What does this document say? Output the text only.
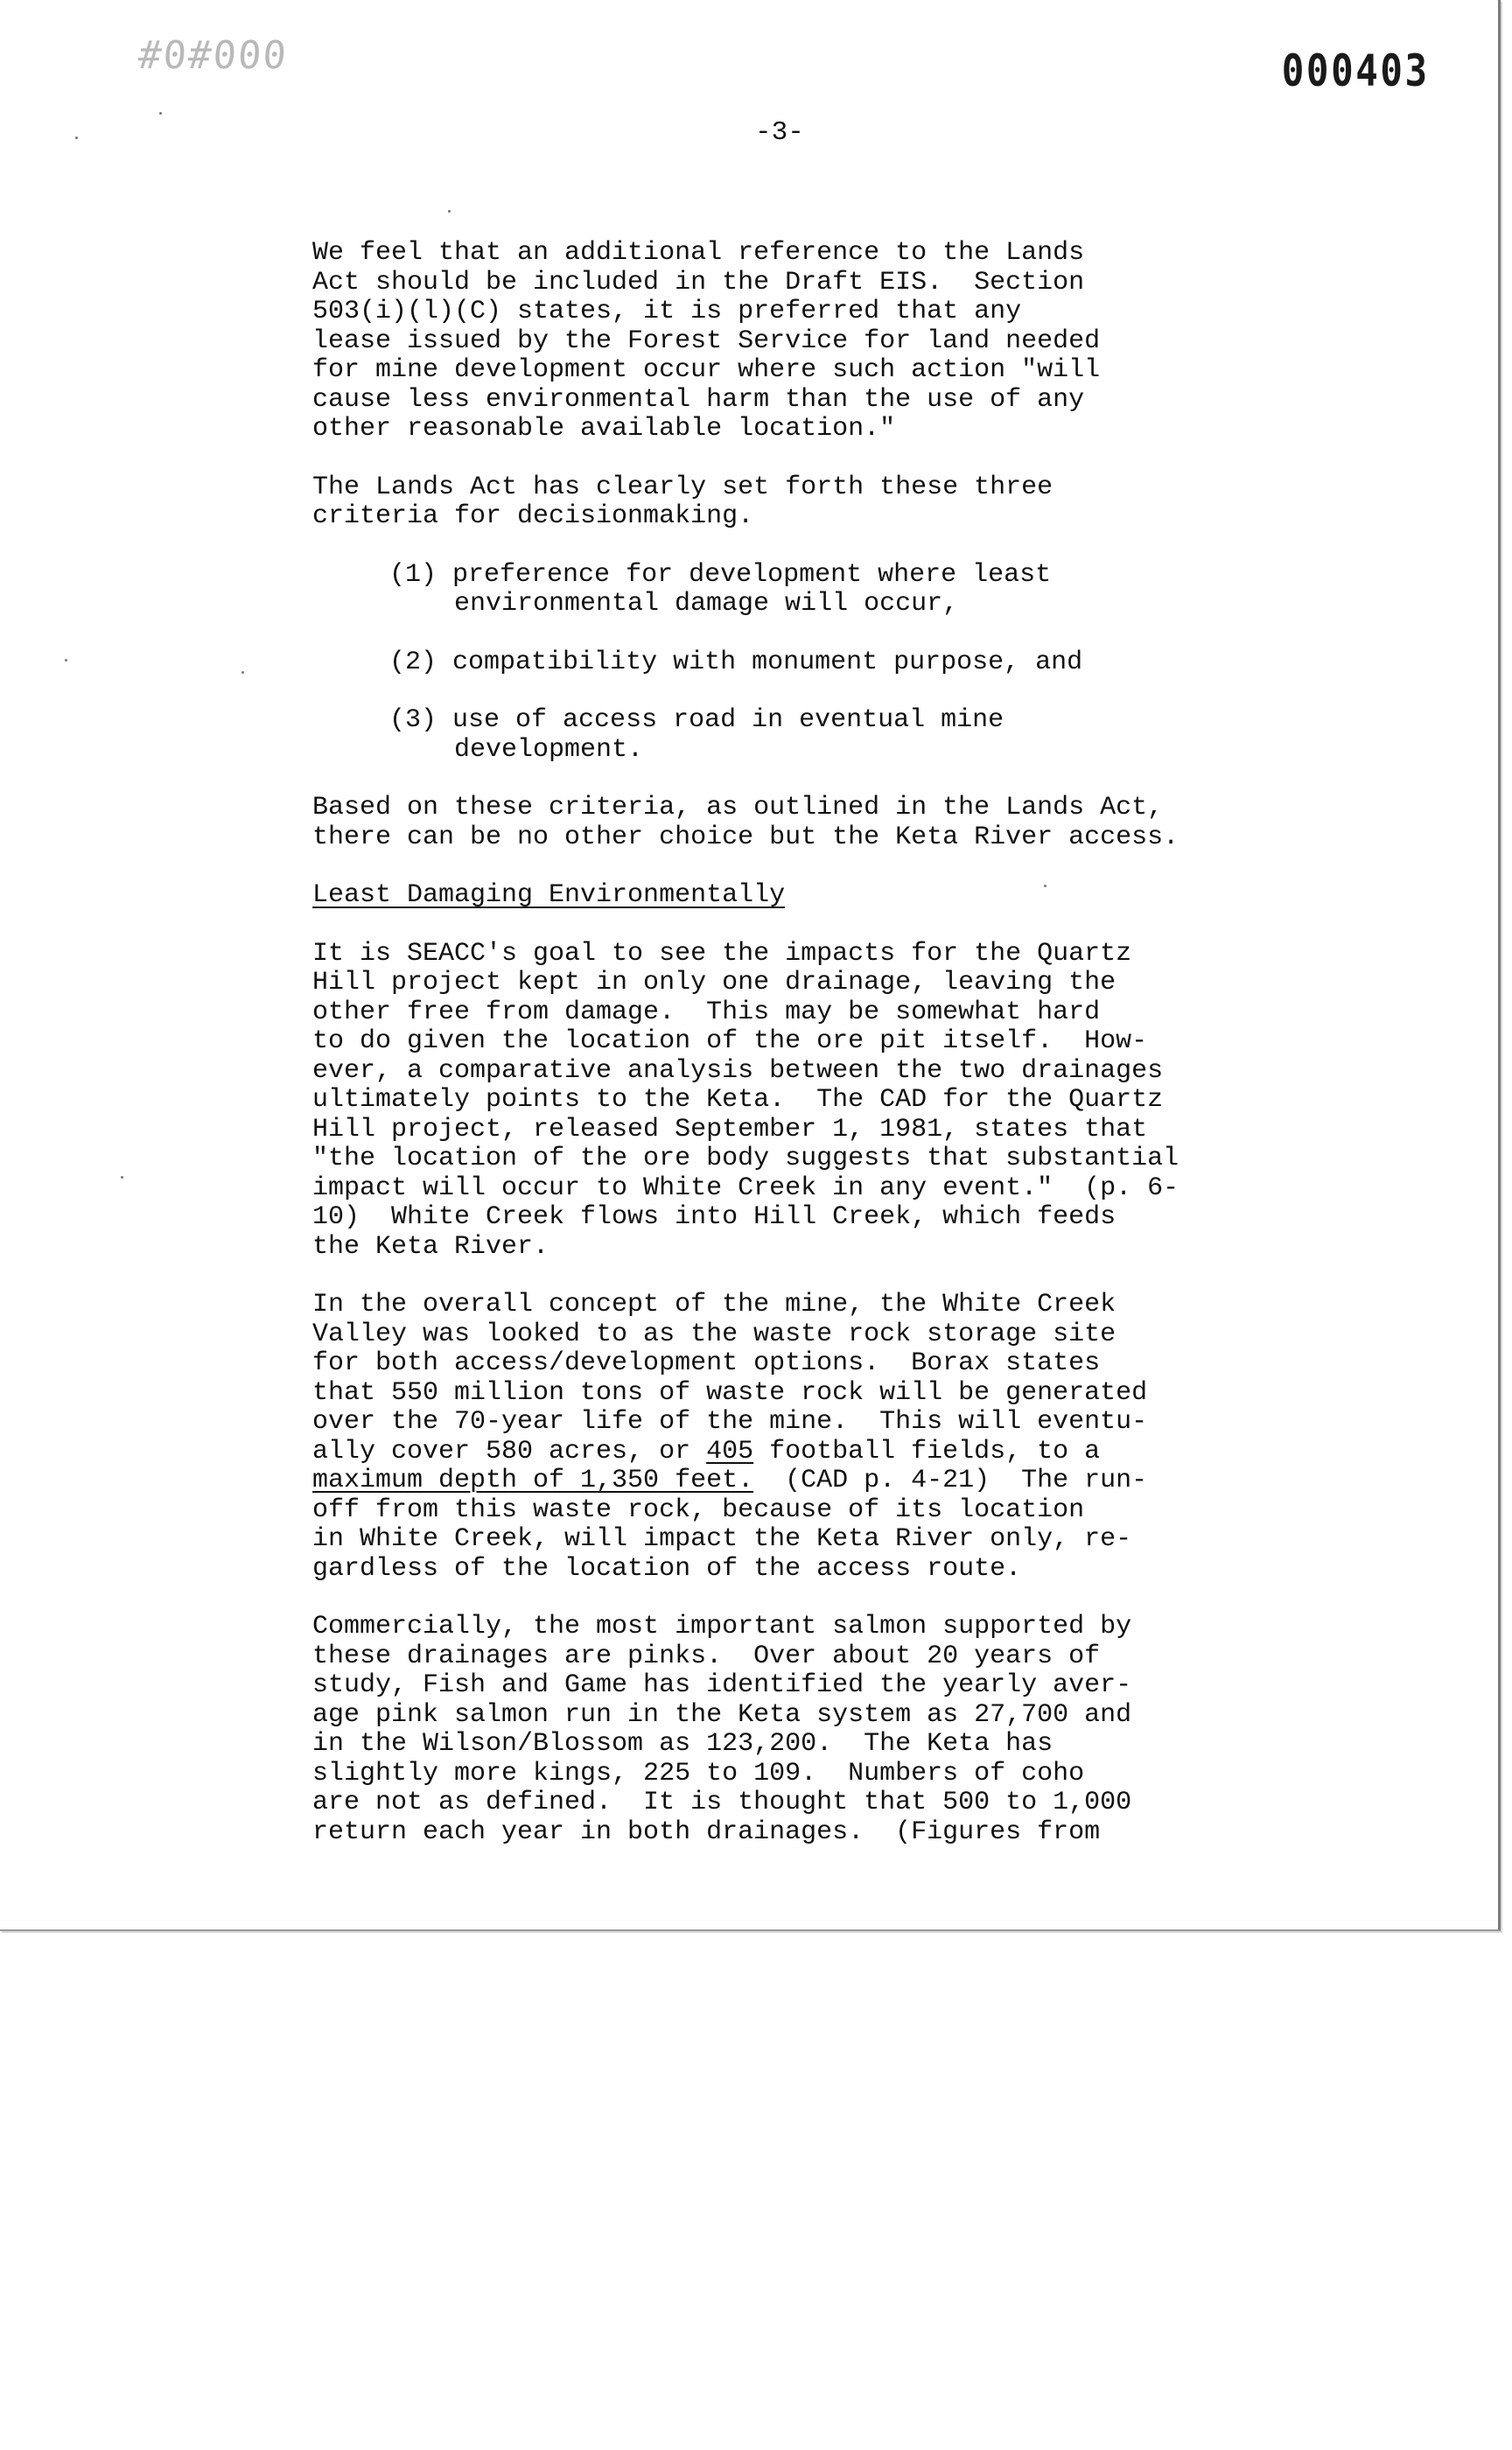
#0#000	000403
-3-
We feel that an additional reference to the Lands
Act should be included in the Draft EIS.  Section
503(i)(l)(C) states, it is preferred that any
lease issued by the Forest Service for land needed
for mine development occur where such action "will
cause less environmental harm than the use of any
other reasonable available location."
The Lands Act has clearly set forth these three
criteria for decisionmaking.
(1) preference for development where least
environmental damage will occur,
(2) compatibility with monument purpose, and
(3) use of access road in eventual mine
development.
Based on these criteria, as outlined in the Lands Act,
there can be no other choice but the Keta River access.
Least Damaging Environmentally
It is SEACC's goal to see the impacts for the Quartz
Hill project kept in only one drainage, leaving the
other free from damage.  This may be somewhat hard
to do given the location of the ore pit itself.  How-
ever, a comparative analysis between the two drainages
ultimately points to the Keta.  The CAD for the Quartz
Hill project, released September 1, 1981, states that
"the location of the ore body suggests that substantial
impact will occur to White Creek in any event."  (p. 6-
10)  White Creek flows into Hill Creek, which feeds
the Keta River.
In the overall concept of the mine, the White Creek
Valley was looked to as the waste rock storage site
for both access/development options.  Borax states
that 550 million tons of waste rock will be generated
over the 70-year life of the mine.  This will eventu-
ally cover 580 acres, or 405 football fields, to a
maximum depth of 1,350 feet.  (CAD p. 4-21)  The run-
off from this waste rock, because of its location
in White Creek, will impact the Keta River only, re-
gardless of the location of the access route.
Commercially, the most important salmon supported by
these drainages are pinks.  Over about 20 years of
study, Fish and Game has identified the yearly aver-
age pink salmon run in the Keta system as 27,700 and
in the Wilson/Blossom as 123,200.  The Keta has
slightly more kings, 225 to 109.  Numbers of coho
are not as defined.  It is thought that 500 to 1,000
return each year in both drainages.  (Figures from
